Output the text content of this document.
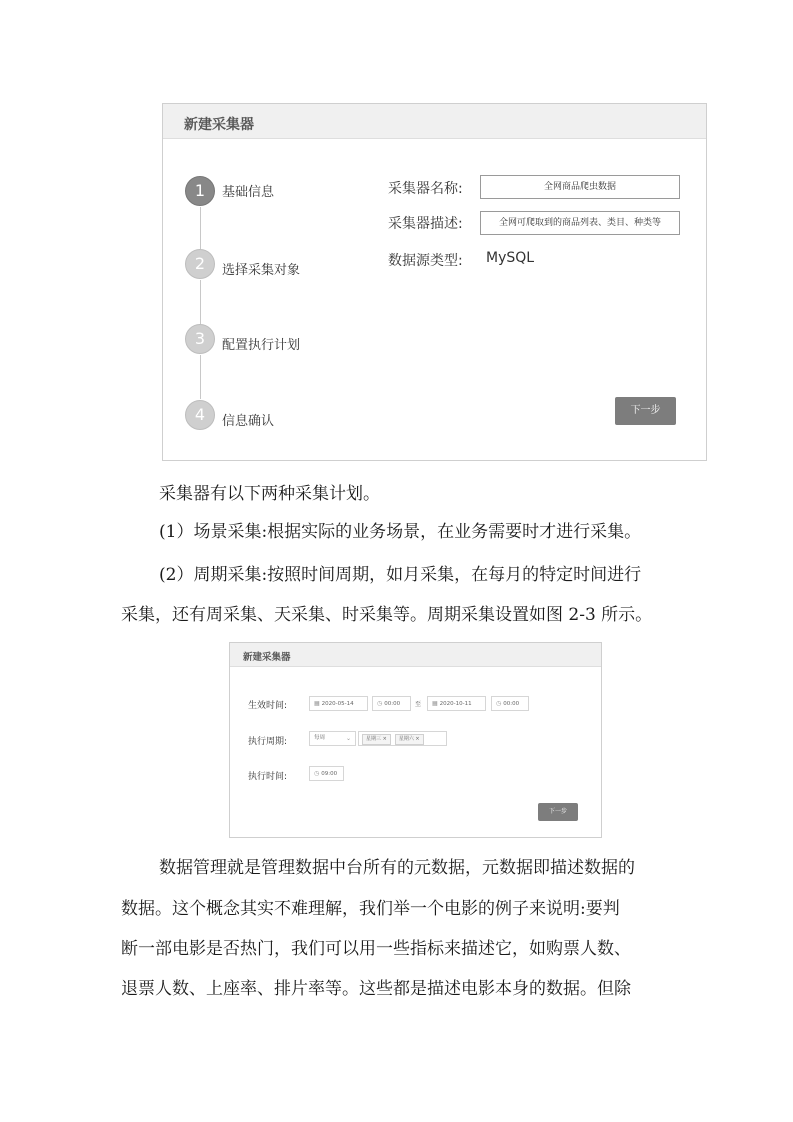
新建采集器
1	基础信息
2	选择采集对象
3	配置执行计划
4	信息确认
采集器名称:	全网商品爬虫数据
采集器描述:	全网可爬取到的商品列表、类目、种类等
数据源类型: MySQL
下一步
采集器有以下两种采集计划。
(1）场景采集:根据实际的业务场景，在业务需要时才进行采集。
(2）周期采集:按照时间周期，如月采集，在每月的特定时间进行
采集，还有周采集、天采集、时采集等。周期采集设置如图 2-3 所示。
新建采集器
生效时间:	▦ 2020-05-14	◷ 00:00	至	▦ 2020-10-11	◷ 00:00
执行周期:	每周	⌄	星期三 × 星期六 ×
执行时间:	◷ 09:00
下一步
数据管理就是管理数据中台所有的元数据，元数据即描述数据的
数据。这个概念其实不难理解，我们举一个电影的例子来说明:要判
断一部电影是否热门，我们可以用一些指标来描述它，如购票人数、
退票人数、上座率、排片率等。这些都是描述电影本身的数据。但除
